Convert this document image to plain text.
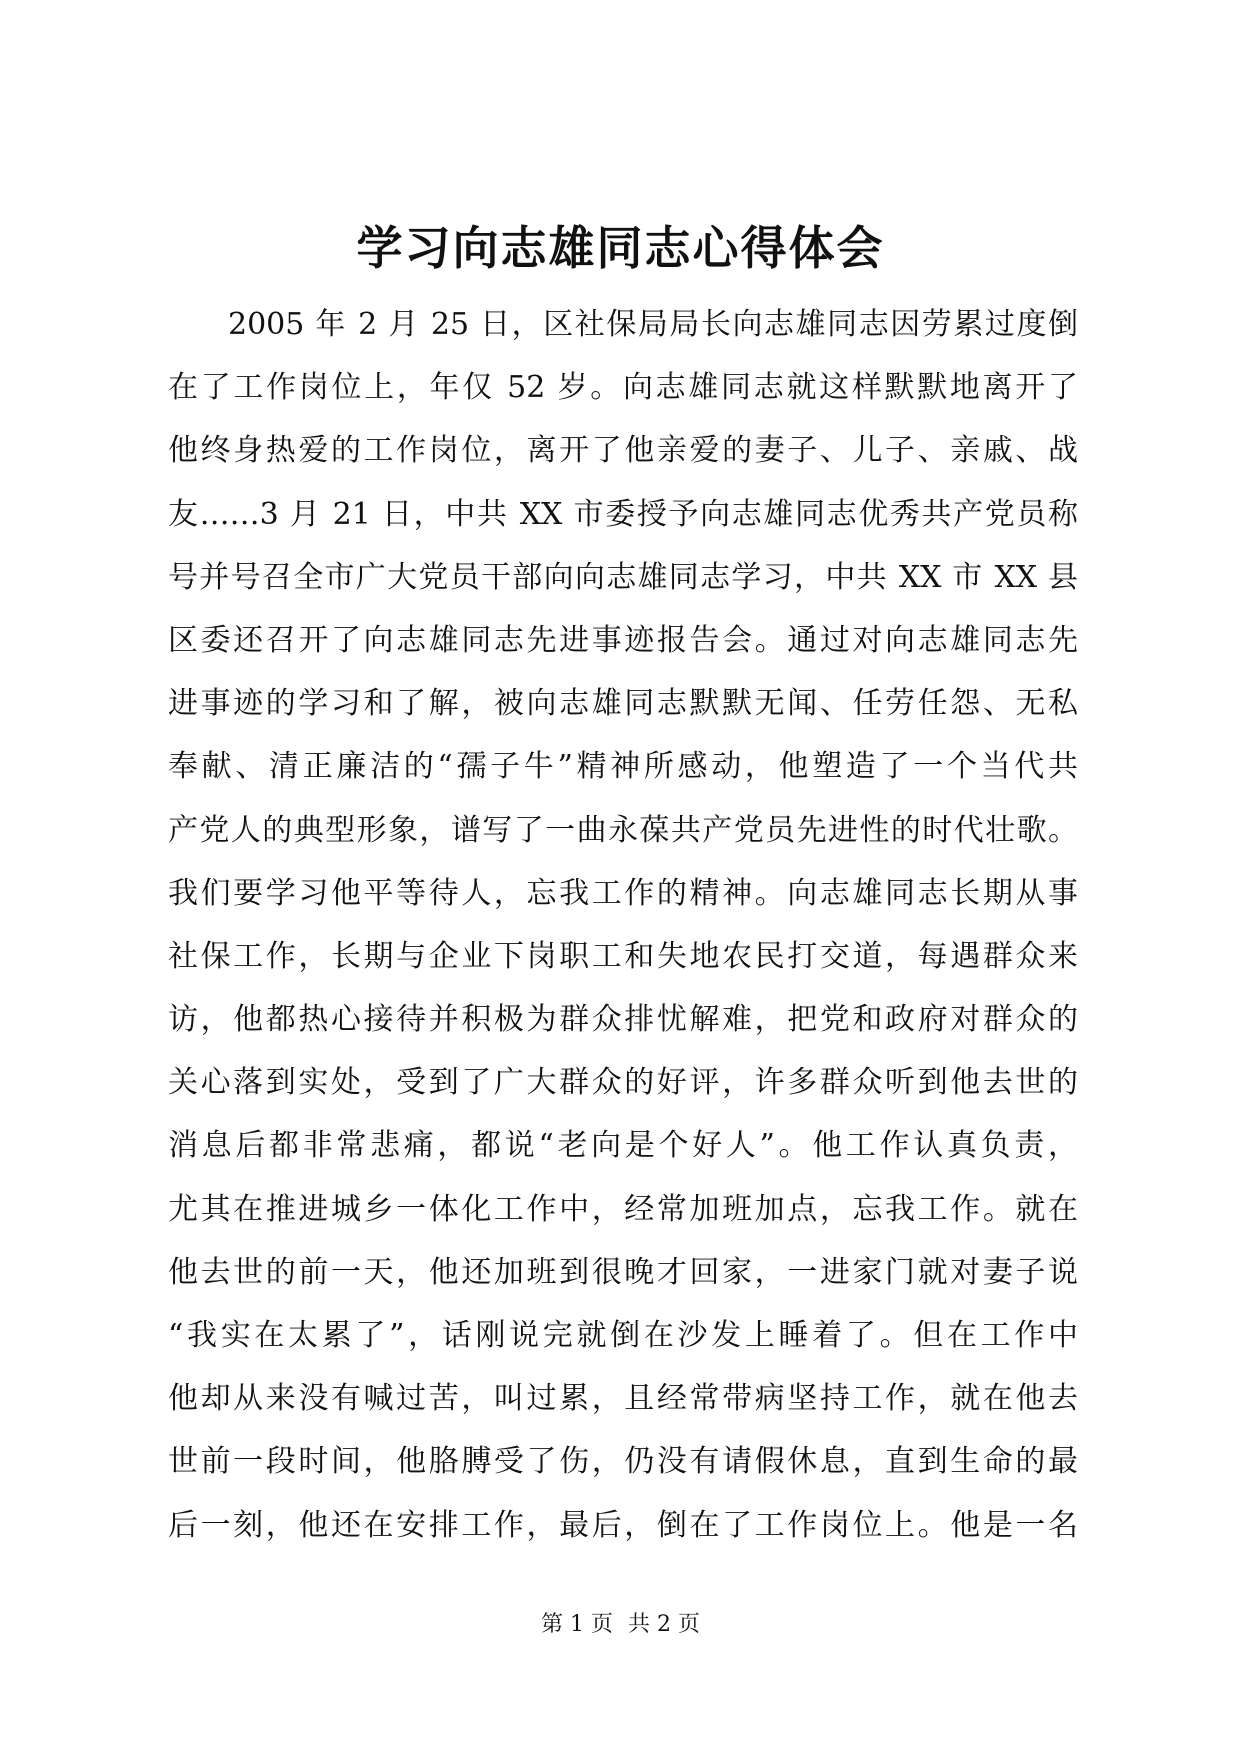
学习向志雄同志心得体会
2005 年 2 月 25 日，区社保局局长向志雄同志因劳累过度倒
在了工作岗位上，年仅 52 岁。向志雄同志就这样默默地离开了
他终身热爱的工作岗位，离开了他亲爱的妻子、儿子、亲戚、战
友……3 月 21 日，中共 XX 市委授予向志雄同志优秀共产党员称
号并号召全市广大党员干部向向志雄同志学习，中共 XX 市 XX 县
区委还召开了向志雄同志先进事迹报告会。通过对向志雄同志先
进事迹的学习和了解，被向志雄同志默默无闻、任劳任怨、无私
奉献、清正廉洁的“孺子牛”精神所感动，他塑造了一个当代共
产党人的典型形象，谱写了一曲永葆共产党员先进性的时代壮歌。
我们要学习他平等待人，忘我工作的精神。向志雄同志长期从事
社保工作，长期与企业下岗职工和失地农民打交道，每遇群众来
访，他都热心接待并积极为群众排忧解难，把党和政府对群众的
关心落到实处，受到了广大群众的好评，许多群众听到他去世的
消息后都非常悲痛，都说“老向是个好人”。他工作认真负责，
尤其在推进城乡一体化工作中，经常加班加点，忘我工作。就在
他去世的前一天，他还加班到很晚才回家，一进家门就对妻子说
“我实在太累了”，话刚说完就倒在沙发上睡着了。但在工作中
他却从来没有喊过苦，叫过累，且经常带病坚持工作，就在他去
世前一段时间，他胳膊受了伤，仍没有请假休息，直到生命的最
后一刻，他还在安排工作，最后，倒在了工作岗位上。他是一名
第 1 页 共 2 页
